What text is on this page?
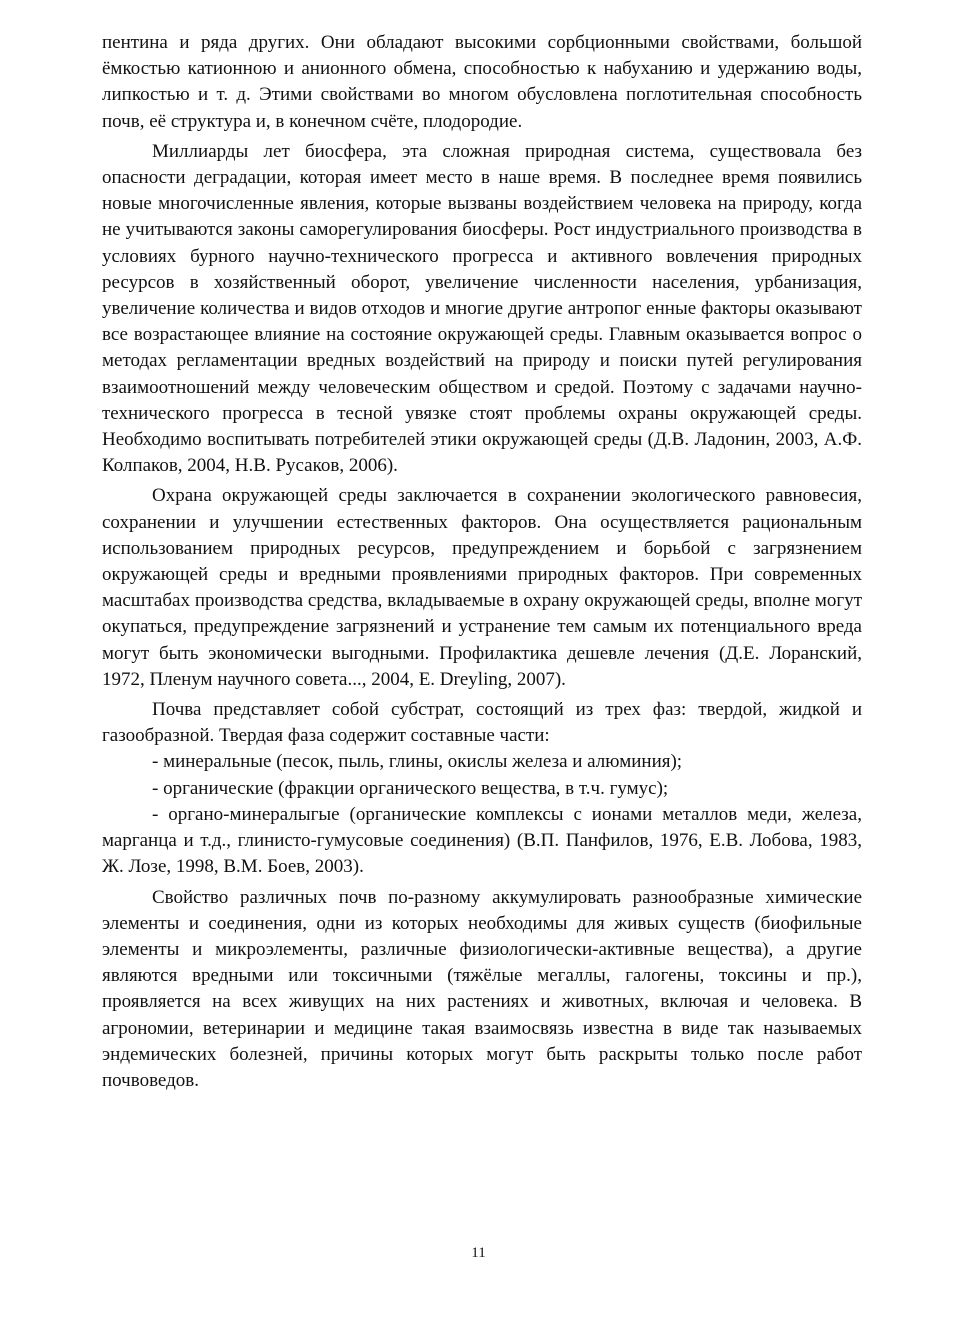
пентина и ряда других. Они обладают высокими сорбционными свойствами, большой ёмкостью катионною и анионного обмена, способностью к набуханию и удержанию воды, липкостью и т. д. Этими свойствами во многом обусловлена поглотительная способность почв, её структура и, в конечном счёте, плодородие.

Миллиарды лет биосфера, эта сложная природная система, существовала без опасности деградации, которая имеет место в наше время. В последнее время появились новые многочисленные явления, которые вызваны воздействием человека на природу, когда не учитываются законы саморегулирования биосферы. Рост индустриального производства в условиях бурного научно-технического прогресса и активного вовлечения природных ресурсов в хозяйственный оборот, увеличение численности населения, урбанизация, увеличение количества и видов отходов и многие другие антропог енные факторы оказывают все возрастающее влияние на состояние окружающей среды. Главным оказывается вопрос о методах регламентации вредных воздействий на природу и поиски путей регулирования взаимоотношений между человеческим обществом и средой. Поэтому с задачами научно-технического прогресса в тесной увязке стоят проблемы охраны окружающей среды. Необходимо воспитывать потребителей этики окружающей среды (Д.В. Ладонин, 2003, А.Ф. Колпаков, 2004, Н.В. Русаков, 2006).

Охрана окружающей среды заключается в сохранении экологического равновесия, сохранении и улучшении естественных факторов. Она осуществляется рациональным использованием природных ресурсов, предупреждением и борьбой с загрязнением окружающей среды и вредными проявлениями природных факторов. При современных масштабах производства средства, вкладываемые в охрану окружающей среды, вполне могут окупаться, предупреждение загрязнений и устранение тем самым их потенциального вреда могут быть экономически выгодными. Профилактика дешевле лечения (Д.Е. Лоранский, 1972, Пленум научного совета..., 2004, E. Dreyling, 2007).

Почва представляет собой субстрат, состоящий из трех фаз: твердой, жидкой и газообразной. Твердая фаза содержит составные части:

- минеральные (песок, пыль, глины, окислы железа и алюминия);

- органические (фракции органического вещества, в т.ч. гумус);

- органо-минералыгые (органические комплексы с ионами металлов меди, железа, марганца и т.д., глинисто-гумусовые соединения) (В.П. Панфилов, 1976, Е.В. Лобова, 1983, Ж. Лозе, 1998, В.М. Боев, 2003).

Свойство различных почв по-разному аккумулировать разнообразные химические элементы и соединения, одни из которых необходимы для живых существ (биофильные элементы и микроэлементы, различные физиологически-активные вещества), а другие являются вредными или токсичными (тяжёлые мегаллы, галогены, токсины и пр.), проявляется на всех живущих на них растениях и животных, включая и человека. В агрономии, ветеринарии и медицине такая взаимосвязь известна в виде так называемых эндемических болезней, причины которых могут быть раскрыты только после работ почвоведов.

11
